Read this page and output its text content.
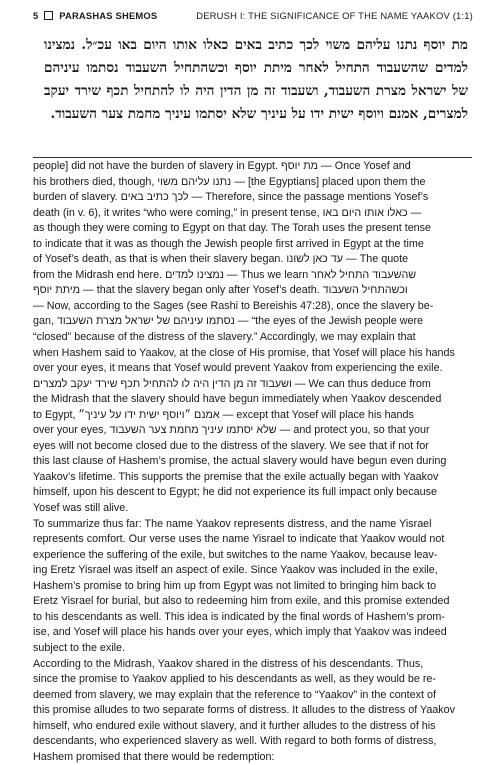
5 PARASHAS SHEMOS	DERUSH I: THE SIGNIFICANCE OF THE NAME YAAKOV (1:1)
מת יוסף נתנו עליהם משוי לכך כתיב באים כאלו אותו היום באו עכ״ל. נמצינו למדים שהשעבוד התחיל לאחר מיתת יוסף וכשהתחיל השעבוד נסתמו עיניהם של ישראל מצרת השעבוד, ושעבוד זה מן הדין היה לו להתחיל תכף שירד יעקב למצרים, אמנם ויוסף ישית ידו על עיניך שלא יסתמו עיניך מחמת צער השעבוד.
people] did not have the burden of slavery in Egypt. מת יוסף — Once Yosef and
his brothers died, though, נתנו עליהם משוי — [the Egyptians] placed upon them the
burden of slavery. לכך כתיב באים — Therefore, since the passage mentions Yosef’s
death (in v. 6), it writes “who were coming,” in present tense, כאלו אותו היום באו —
as though they were coming to Egypt on that day. The Torah uses the present tense
to indicate that it was as though the Jewish people first arrived in Egypt at the time
of Yosef’s death, as that is when their slavery began. עד כאן לשונו — The quote
from the Midrash end here. נמצינו למדים — Thus we learn שהשעבוד התחיל לאחר
מיתת יוסף — that the slavery began only after Yosef’s death. וכשהתחיל השעבוד
— Now, according to the Sages (see Rashi to Bereishis 47:28), once the slavery be-
gan, נסתמו עיניהם של ישראל מצרת השעבוד — “the eyes of the Jewish people were
“closed” because of the distress of the slavery.” Accordingly, we may explain that
when Hashem said to Yaakov, at the close of His promise, that Yosef will place his hands
over your eyes, it means that Yosef would prevent Yaakov from experiencing the exile.
ושעבוד זה מן הדין היה לו להתחיל תכף שירד יעקב למצרים — We can thus deduce from
the Midrash that the slavery should have begun immediately when Yaakov descended
to Egypt, אמנם ״ויוסף ישית ידו על עיניך״ — except that Yosef will place his hands
over your eyes, שלא יסתמו עיניך מחמת צער השעבוד — and protect you, so that your
eyes will not become closed due to the distress of the slavery. We see that if not for
this last clause of Hashem’s promise, the actual slavery would have begun even during
Yaakov’s lifetime. This supports the premise that the exile actually began with Yaakov
himself, upon his descent to Egypt; he did not experience its full impact only because
Yosef was still alive.
To summarize thus far: The name Yaakov represents distress, and the name Yisrael
represents comfort. Our verse uses the name Yisrael to indicate that Yaakov would not
experience the suffering of the exile, but switches to the name Yaakov, because leav-
ing Eretz Yisrael was itself an aspect of exile. Since Yaakov was included in the exile,
Hashem’s promise to bring him up from Egypt was not limited to bringing him back to
Eretz Yisrael for burial, but also to redeeming him from exile, and this promise extended
to his descendants as well. This idea is indicated by the final words of Hashem’s prom-
ise, and Yosef will place his hands over your eyes, which imply that Yaakov was indeed
subject to the exile.
According to the Midrash, Yaakov shared in the distress of his descendants. Thus,
since the promise to Yaakov applied to his descendants as well, as they would be re-
deemed from slavery, we may explain that the reference to “Yaakov” in the context of
this promise alludes to two separate forms of distress. It alludes to the distress of Yaakov
himself, who endured exile without slavery, and it further alludes to the distress of his
descendants, who experienced slavery as well. With regard to both forms of distress,
Hashem promised that there would be redemption:
